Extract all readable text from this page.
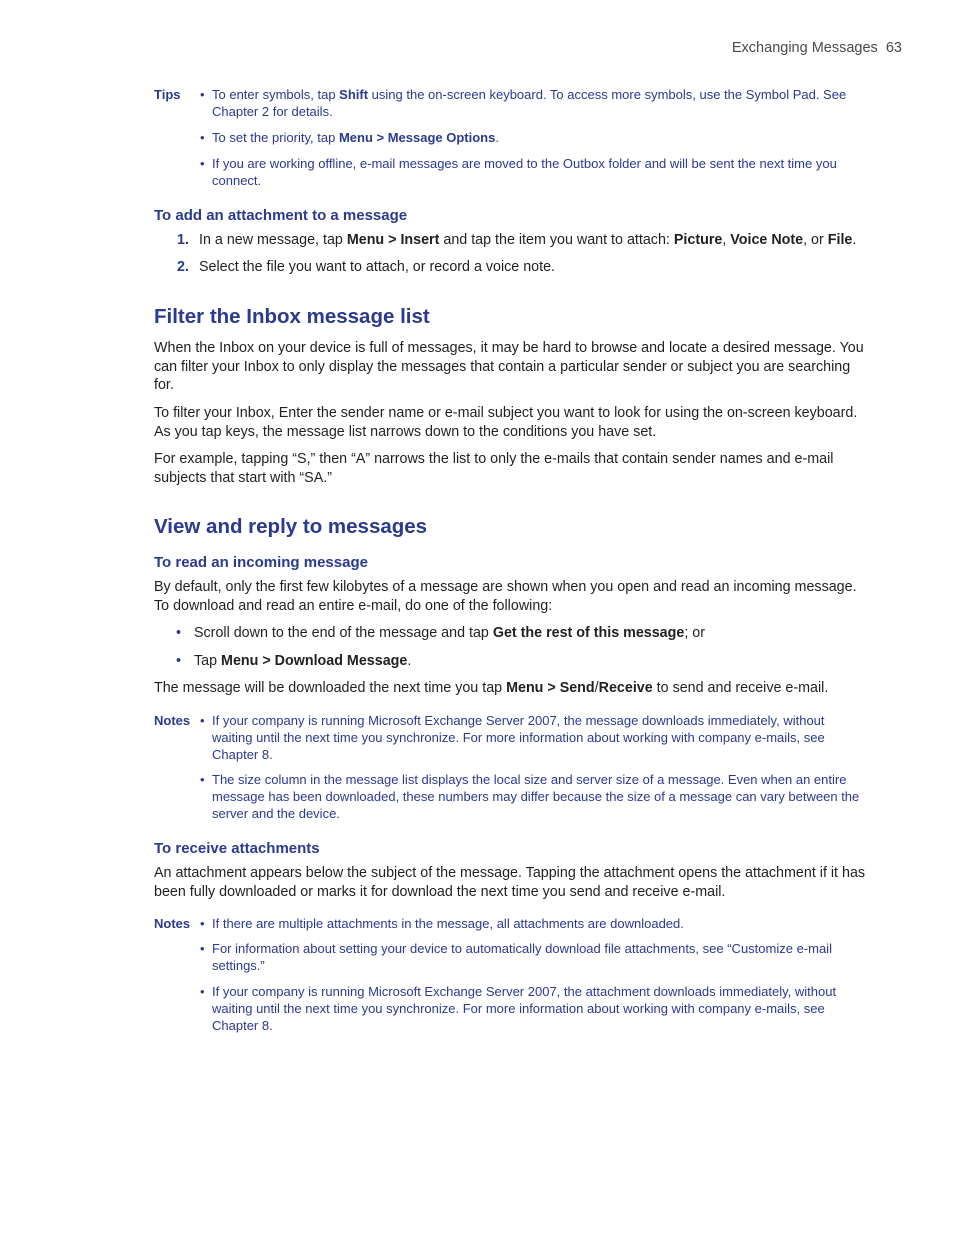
Exchanging Messages 63
Tips • To enter symbols, tap Shift using the on-screen keyboard. To access more symbols, use the Symbol Pad. See Chapter 2 for details.
• To set the priority, tap Menu > Message Options.
• If you are working offline, e-mail messages are moved to the Outbox folder and will be sent the next time you connect.
To add an attachment to a message
1. In a new message, tap Menu > Insert and tap the item you want to attach: Picture, Voice Note, or File.
2. Select the file you want to attach, or record a voice note.
Filter the Inbox message list
When the Inbox on your device is full of messages, it may be hard to browse and locate a desired message. You can filter your Inbox to only display the messages that contain a particular sender or subject you are searching for.
To filter your Inbox, Enter the sender name or e-mail subject you want to look for using the on-screen keyboard. As you tap keys, the message list narrows down to the conditions you have set.
For example, tapping “S,” then “A” narrows the list to only the e-mails that contain sender names and e-mail subjects that start with “SA.”
View and reply to messages
To read an incoming message
By default, only the first few kilobytes of a message are shown when you open and read an incoming message. To download and read an entire e-mail, do one of the following:
• Scroll down to the end of the message and tap Get the rest of this message; or
• Tap Menu > Download Message.
The message will be downloaded the next time you tap Menu > Send/Receive to send and receive e-mail.
Notes • If your company is running Microsoft Exchange Server 2007, the message downloads immediately, without waiting until the next time you synchronize. For more information about working with company e-mails, see Chapter 8.
• The size column in the message list displays the local size and server size of a message. Even when an entire message has been downloaded, these numbers may differ because the size of a message can vary between the server and the device.
To receive attachments
An attachment appears below the subject of the message. Tapping the attachment opens the attachment if it has been fully downloaded or marks it for download the next time you send and receive e-mail.
Notes • If there are multiple attachments in the message, all attachments are downloaded.
• For information about setting your device to automatically download file attachments, see “Customize e-mail settings.”
• If your company is running Microsoft Exchange Server 2007, the attachment downloads immediately, without waiting until the next time you synchronize. For more information about working with company e-mails, see Chapter 8.
